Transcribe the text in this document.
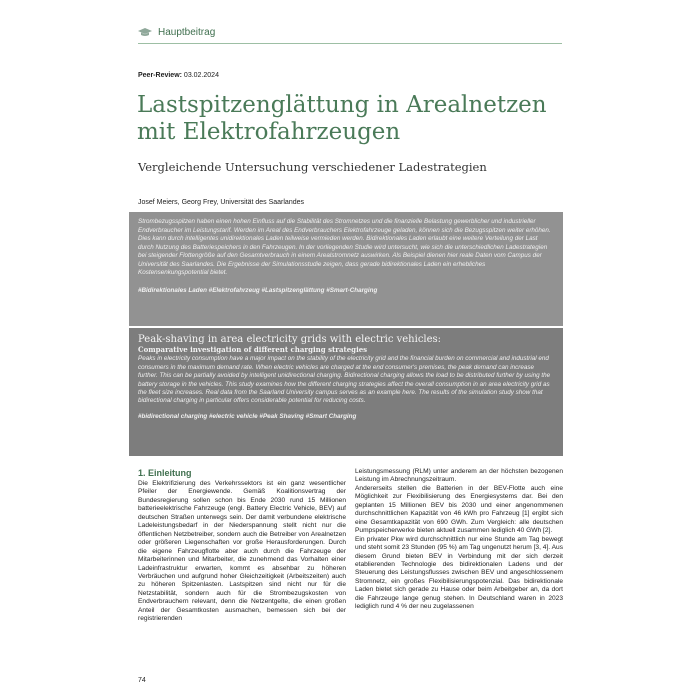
Hauptbeitrag
Peer-Review: 03.02.2024
Lastspitzenglättung in Arealnetzen mit Elektrofahrzeugen
Vergleichende Untersuchung verschiedener Ladestrategien
Josef Meiers, Georg Frey, Universität des Saarlandes
Strombezugsspitzen haben einen hohen Einfluss auf die Stabilität des Stromnetzes und die finanzielle Belastung gewerblicher und industrieller Endverbraucher im Leistungstarif. Werden im Areal des Endverbrauchers Elektrofahrzeuge geladen, können sich die Bezugsspitzen weiter erhöhen. Dies kann durch intelligentes unidirektionales Laden teilweise vermieden werden. Bidirektionales Laden erlaubt eine weitere Verteilung der Last durch Nutzung des Batteriespeichers in den Fahrzeugen. In der vorliegenden Studie wird untersucht, wie sich die unterschiedlichen Ladestrategien bei steigender Flottengröße auf den Gesamtverbrauch in einem Arealstromnetz auswirken. Als Beispiel dienen hier reale Daten vom Campus der Universität des Saarlandes. Die Ergebnisse der Simulationsstudie zeigen, dass gerade bidirektionales Laden ein erhebliches Kostensenkungspotential bietet.
#Bidirektionales Laden #Elektrofahrzeug #Lastspitzenglättung #Smart-Charging
Peak-shaving in area electricity grids with electric vehicles:
Comparative investigation of different charging strategies
Peaks in electricity consumption have a major impact on the stability of the electricity grid and the financial burden on commercial and industrial end consumers in the maximum demand rate. When electric vehicles are charged at the end consumer's premises, the peak demand can increase further. This can be partially avoided by intelligent unidirectional charging. Bidirectional charging allows the load to be distributed further by using the battery storage in the vehicles. This study examines how the different charging strategies affect the overall consumption in an area electricity grid as the fleet size increases. Real data from the Saarland University campus serves as an example here. The results of the simulation study show that bidirectional charging in particular offers considerable potential for reducing costs.
#bidirectional charging #electric vehicle #Peak Shaving #Smart Charging
1. Einleitung

Die Elektrifizierung des Verkehrssektors ist ein ganz wesentlicher Pfeiler der Energiewende. Gemäß Koalitionsvertrag der Bundesregierung sollen schon bis Ende 2030 rund 15 Millionen batterieelektrische Fahrzeuge (engl. Battery Electric Vehicle, BEV) auf deutschen Straßen unterwegs sein. Der damit verbundene elektrische Ladeleistungsbedarf in der Niederspannung stellt nicht nur die öffentlichen Netzbetreiber, sondern auch die Betreiber von Arealnetzen oder größeren Liegenschaften vor große Herausforderungen. Durch die eigene Fahrzeugflotte aber auch durch die Fahrzeuge der Mitarbeiterinnen und Mitarbeiter, die zunehmend das Vorhalten einer Ladeinfrastruktur erwarten, kommt es absehbar zu höheren Verbräuchen und aufgrund hoher Gleichzeitigkeit (Arbeitszeiten) auch zu höheren Spitzenlasten. Lastspitzen sind nicht nur für die Netzstabilität, sondern auch für die Strombezugskosten von Endverbrauchern relevant, denn die Netzentgelte, die einen großen Anteil der Gesamtkosten ausmachen, bemessen sich bei der registrierenden

Leistungsmessung (RLM) unter anderem an der höchsten bezogenen Leistung im Abrechnungszeitraum.

Andererseits stellen die Batterien in der BEV-Flotte auch eine Möglichkeit zur Flexibilisierung des Energiesystems dar. Bei den geplanten 15 Millionen BEV bis 2030 und einer angenommenen durchschnittlichen Kapazität von 46 kWh pro Fahrzeug [1] ergibt sich eine Gesamtkapazität von 690 GWh. Zum Vergleich: alle deutschen Pumpspeicherwerke bieten aktuell zusammen lediglich 40 GWh [2].

Ein privater Pkw wird durchschnittlich nur eine Stunde am Tag bewegt und steht somit 23 Stunden (95 %) am Tag ungenutzt herum [3, 4]. Aus diesem Grund bieten BEV in Verbindung mit der sich derzeit etablierenden Technologie des bidirektionalen Ladens und der Steuerung des Leistungsflusses zwischen BEV und angeschlossenem Stromnetz, ein großes Flexibilisierungspotenzial. Das bidirektionale Laden bietet sich gerade zu Hause oder beim Arbeitgeber an, da dort die Fahrzeuge lange genug stehen. In Deutschland waren in 2023 lediglich rund 4 % der neu zugelassenen

74
